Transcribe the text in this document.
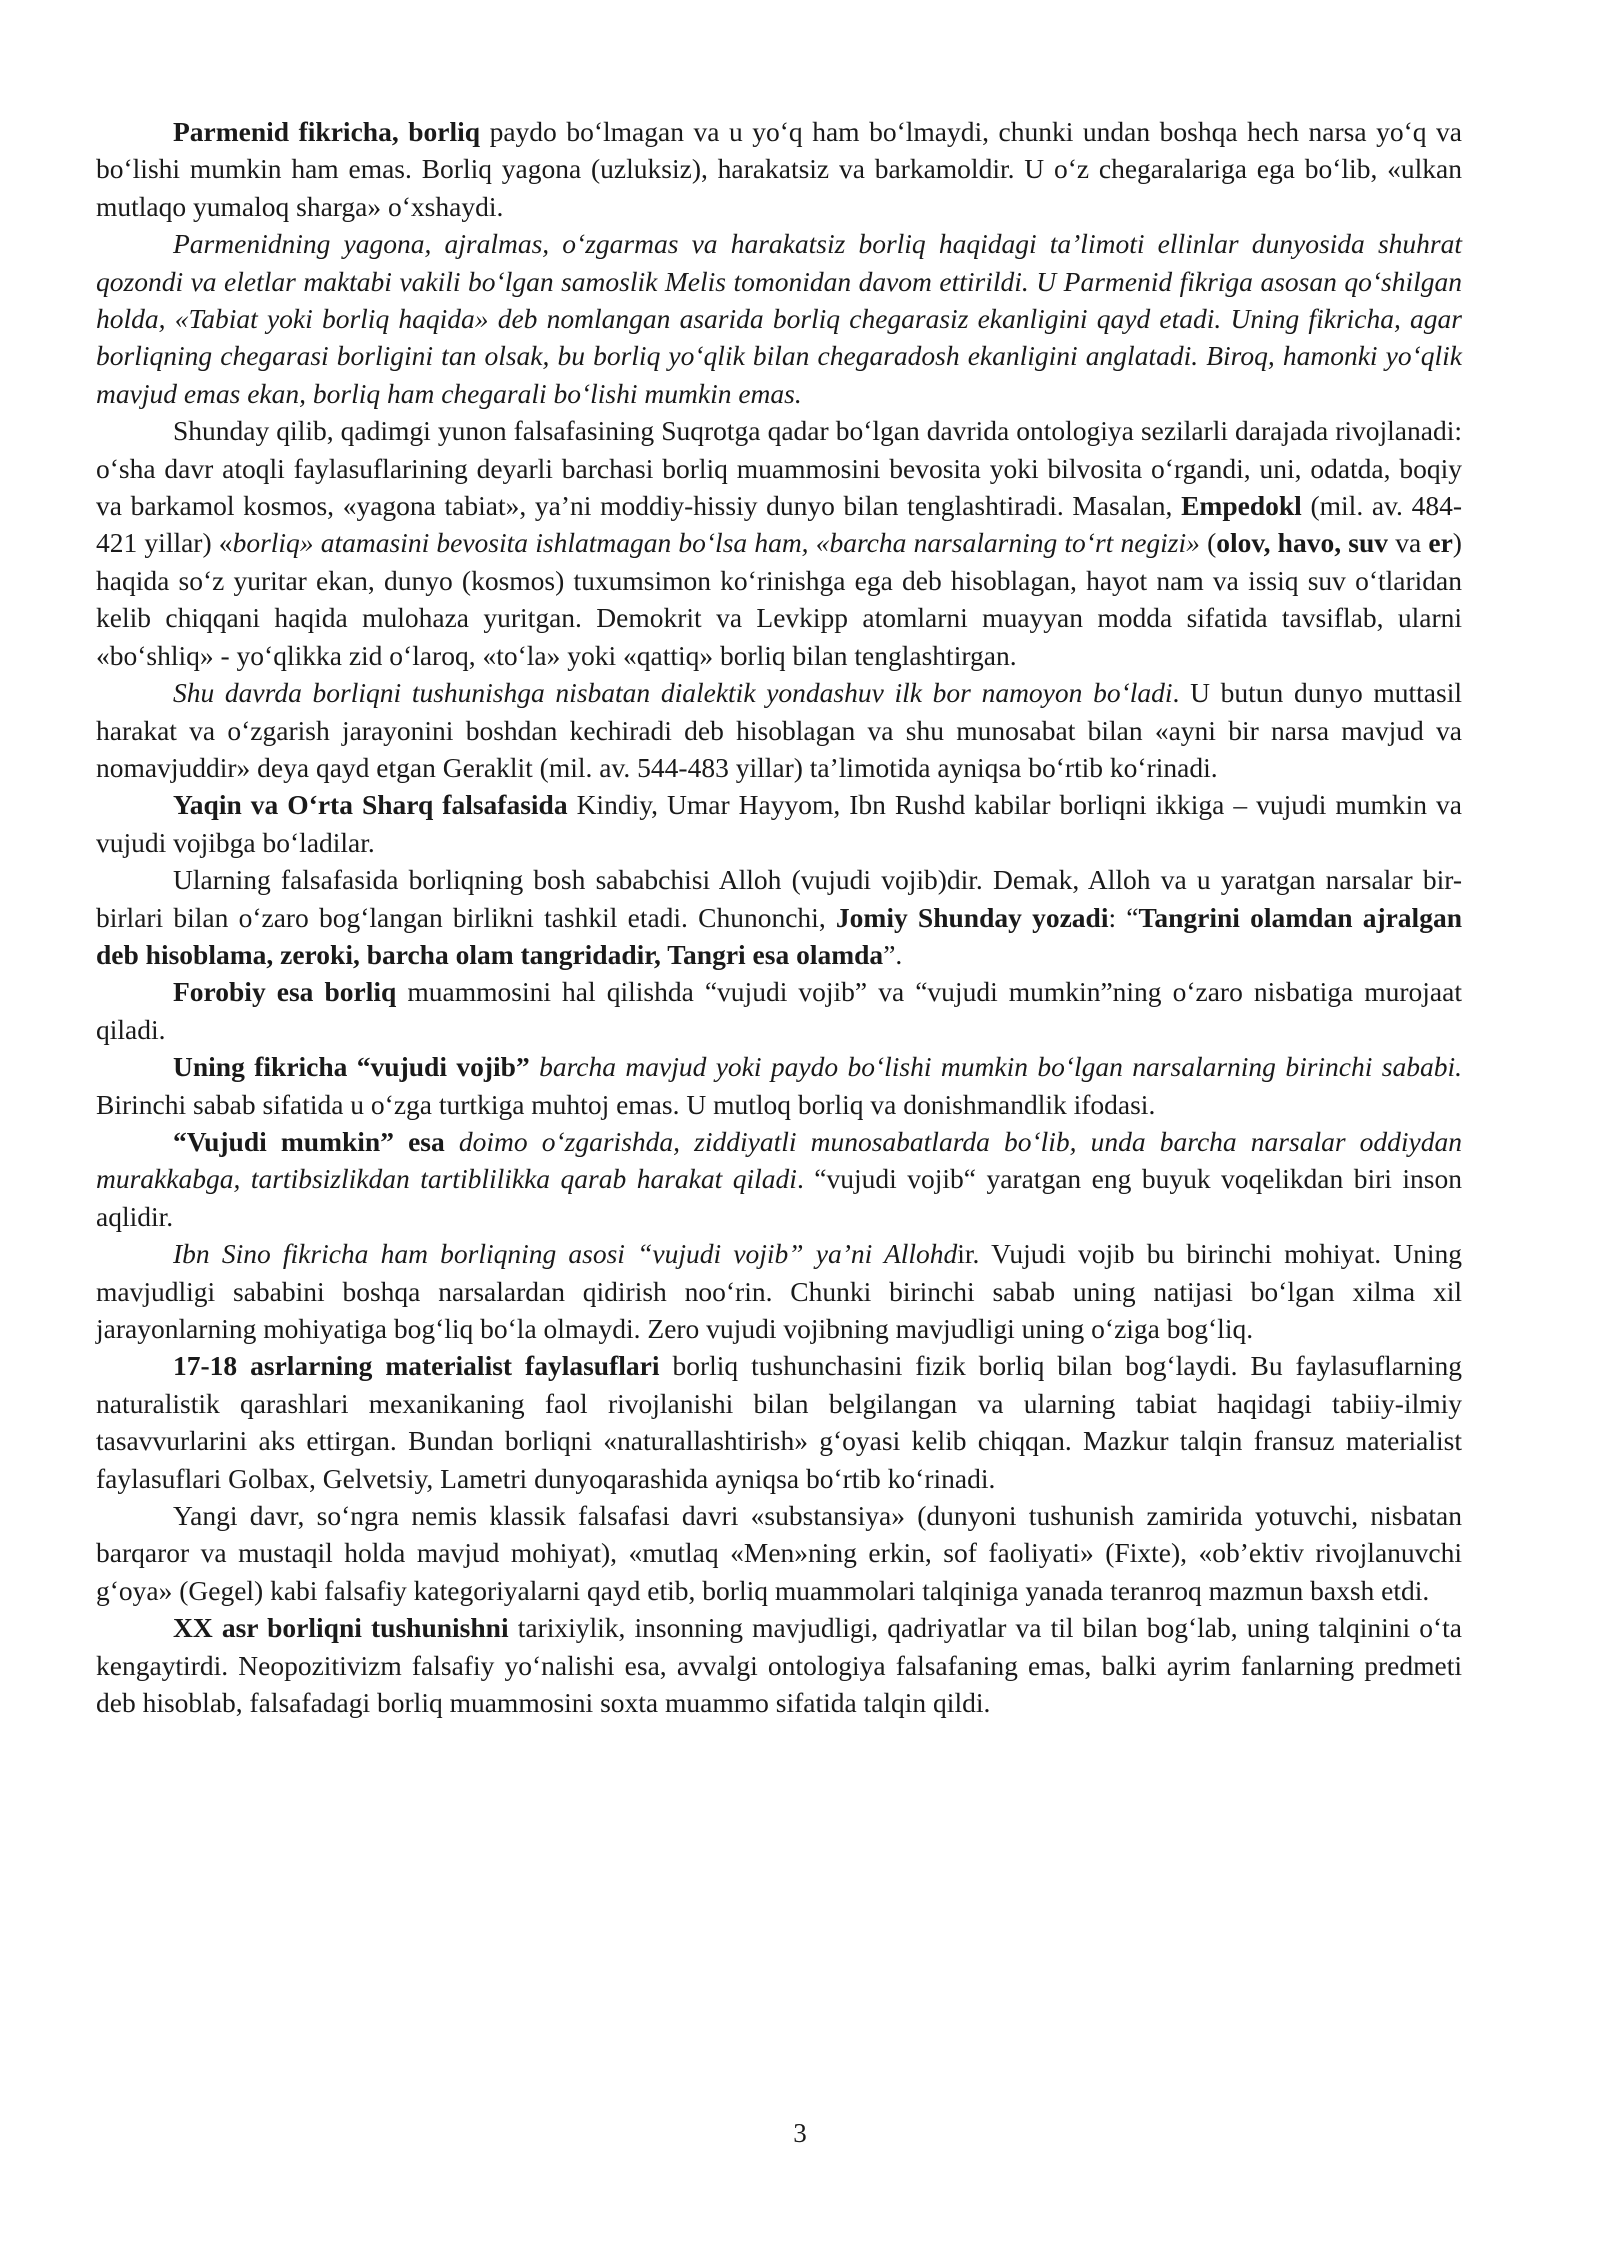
Parmenid fikricha, borliq paydo bo‘lmagan va u yo‘q ham bo‘lmaydi, chunki undan boshqa hech narsa yo‘q va bo‘lishi mumkin ham emas. Borliq yagona (uzluksiz), harakatsiz va barkamoldir. U o‘z chegaralariga ega bo‘lib, «ulkan mutlaqo yumaloq sharga» o‘xshaydi.

Parmenidning yagona, ajralmas, o‘zgarmas va harakatsiz borliq haqidagi ta’limoti ellinlar dunyosida shuhrat qozondi va eletlar maktabi vakili bo‘lgan samoslik Melis tomonidan davom ettirildi. U Parmenid fikriga asosan qo‘shilgan holda, «Tabiat yoki borliq haqida» deb nomlangan asarida borliq chegarasiz ekanligini qayd etadi. Uning fikricha, agar borliqning chegarasi borligini tan olsak, bu borliq yo‘qlik bilan chegaradosh ekanligini anglatadi. Biroq, hamonki yo‘qlik mavjud emas ekan, borliq ham chegarali bo‘lishi mumkin emas.

Shunday qilib, qadimgi yunon falsafasining Suqrotga qadar bo‘lgan davrida ontologiya sezilarli darajada rivojlanadi: o‘sha davr atoqli faylasuflarining deyarli barchasi borliq muammosini bevosita yoki bilvosita o‘rgandi, uni, odatda, boqiy va barkamol kosmos, «yagona tabiat», ya’ni moddiy-hissiy dunyo bilan tenglashtiradi. Masalan, Empedokl (mil. av. 484-421 yillar) «borliq» atamasini bevosita ishlatmagan bo‘lsa ham, «barcha narsalarning to‘rt negizi» (olov, havo, suv va er) haqida so‘z yuritar ekan, dunyo (kosmos) tuxumsimon ko‘rinishga ega deb hisoblagan, hayot nam va issiq suv o‘tlaridan kelib chiqqani haqida mulohaza yuritgan. Demokrit va Levkipp atomlarni muayyan modda sifatida tavsiflab, ularni «bo‘shliq» - yo‘qlikka zid o‘laroq, «to‘la» yoki «qattiq» borliq bilan tenglashtirgan.

Shu davrda borliqni tushunishga nisbatan dialektik yondashuv ilk bor namoyon bo‘ladi. U butun dunyo muttasil harakat va o‘zgarish jarayonini boshdan kechiradi deb hisoblagan va shu munosabat bilan «ayni bir narsa mavjud va nomavjuddir» deya qayd etgan Geraklit (mil. av. 544-483 yillar) ta’limotida ayniqsa bo‘rtib ko‘rinadi.

Yaqin va O‘rta Sharq falsafasida Kindiy, Umar Hayyom, Ibn Rushd kabilar borliqni ikkiga – vujudi mumkin va vujudi vojibga bo‘ladilar.

Ularning falsafasida borliqning bosh sababchisi Alloh (vujudi vojib)dir. Demak, Alloh va u yaratgan narsalar bir-birlari bilan o‘zaro bog‘langan birlikni tashkil etadi. Chunonchi, Jomiy Shunday yozadi: “Tangrini olamdan ajralgan deb hisoblama, zeroki, barcha olam tangridadir, Tangri esa olamda”.

Forobiy esa borliq muammosini hal qilishda “vujudi vojib” va “vujudi mumkin”ning o‘zaro nisbatiga murojaat qiladi.

Uning fikricha “vujudi vojib” barcha mavjud yoki paydo bo‘lishi mumkin bo‘lgan narsalarning birinchi sababi. Birinchi sabab sifatida u o‘zga turtkiga muhtoj emas. U mutloq borliq va donishmandlik ifodasi.

“Vujudi mumkin” esa doimo o‘zgarishda, ziddiyatli munosabatlarda bo‘lib, unda barcha narsalar oddiydan murakkabga, tartibsizlikdan tartiblilikka qarab harakat qiladi. “vujudi vojib“ yaratgan eng buyuk voqelikdan biri inson aqlidir.

Ibn Sino fikricha ham borliqning asosi “vujudi vojib” ya’ni Allohdir. Vujudi vojib bu birinchi mohiyat. Uning mavjudligi sababini boshqa narsalardan qidirish noo‘rin. Chunki birinchi sabab uning natijasi bo‘lgan xilma xil jarayonlarning mohiyatiga bog‘liq bo‘la olmaydi. Zero vujudi vojibning mavjudligi uning o‘ziga bog‘liq.

17-18 asrlarning materialist faylasuflari borliq tushunchasini fizik borliq bilan bog‘laydi. Bu faylasuflarning naturalistik qarashlari mexanikaning faol rivojlanishi bilan belgilangan va ularning tabiat haqidagi tabiiy-ilmiy tasavvurlarini aks ettirgan. Bundan borliqni «naturallashtirish» g‘oyasi kelib chiqqan. Mazkur talqin fransuz materialist faylasuflari Golbax, Gelvetsiy, Lametri dunyoqarashida ayniqsa bo‘rtib ko‘rinadi.

Yangi davr, so‘ngra nemis klassik falsafasi davri «substansiya» (dunyoni tushunish zamirida yotuvchi, nisbatan barqaror va mustaqil holda mavjud mohiyat), «mutlaq «Men»ning erkin, sof faoliyati» (Fixte), «ob’ektiv rivojlanuvchi g‘oya» (Gegel) kabi falsafiy kategoriyalarni qayd etib, borliq muammolari talqiniga yanada teranroq mazmun baxsh etdi.

XX asr borliqni tushunishni tarixiylik, insonning mavjudligi, qadriyatlar va til bilan bog‘lab, uning talqinini o‘ta kengaytirdi. Neopozitivizm falsafiy yo‘nalishi esa, avvalgi ontologiya falsafaning emas, balki ayrim fanlarning predmeti deb hisoblab, falsafadagi borliq muammosini soxta muammo sifatida talqin qildi.

3
